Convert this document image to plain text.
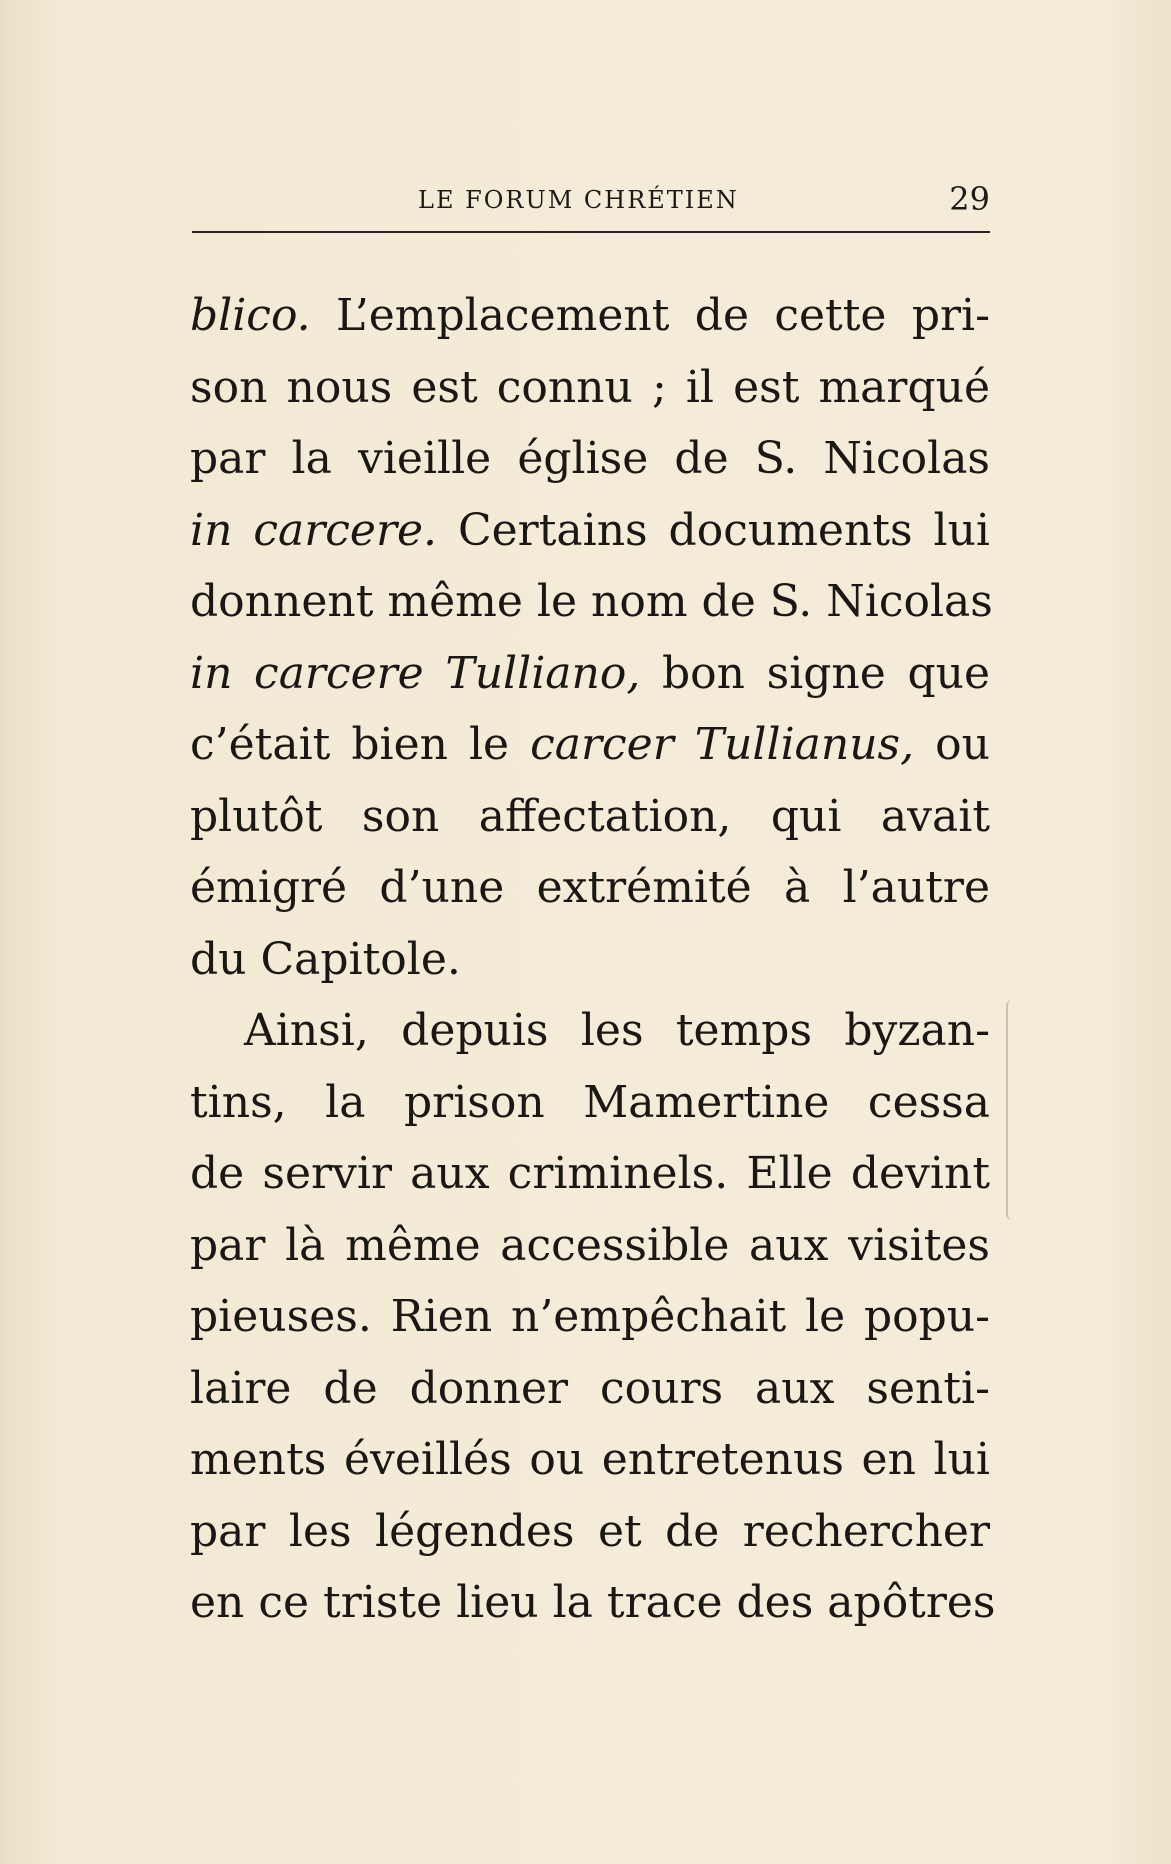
LE FORUM CHRÉTIEN	29
blico. L’emplacement de cette pri-
son nous est connu ; il est marqué
par la vieille église de S. Nicolas
in carcere. Certains documents lui
donnent même le nom de S. Nicolas
in carcere Tulliano, bon signe que
c’était bien le carcer Tullianus, ou
plutôt son affectation, qui avait
émigré d’une extrémité à l’autre
du Capitole.
Ainsi, depuis les temps byzan-
tins, la prison Mamertine cessa
de servir aux criminels. Elle devint
par là même accessible aux visites
pieuses. Rien n’empêchait le popu-
laire de donner cours aux senti-
ments éveillés ou entretenus en lui
par les légendes et de rechercher
en ce triste lieu la trace des apôtres
